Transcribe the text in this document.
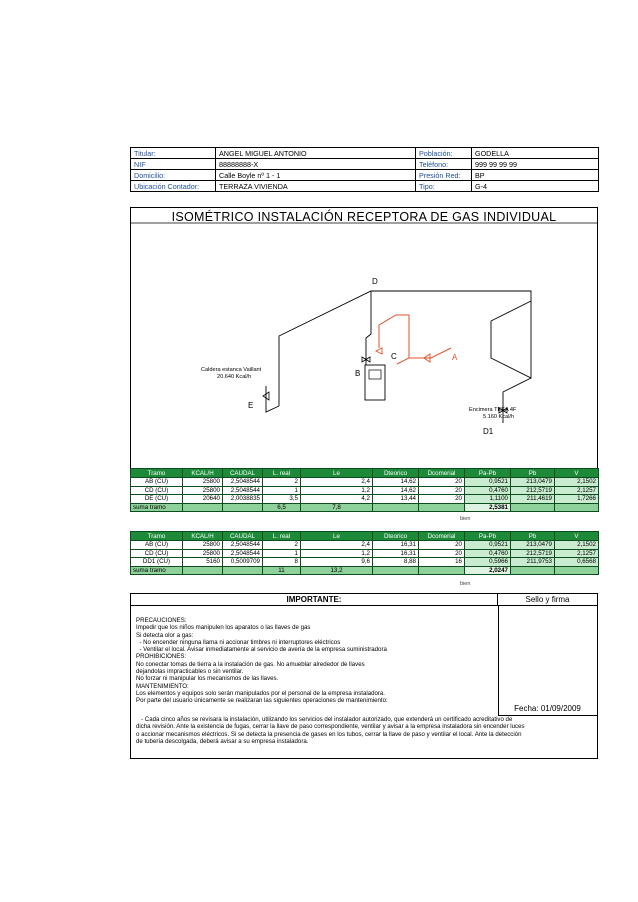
Titular:	ANGEL MIGUEL ANTONIO	Población:	GODELLA
NIF	88888888-X	Teléfono:	999 99 99 99
Domicilio:	Calle Boyle nº 1 - 1	Presión Red:	BP
Ubicación Contador:	TERRAZA VIVIENDA	Tipo:	G-4
ISOMÉTRICO INSTALACIÓN RECEPTORA DE GAS INDIVIDUAL
D
C
B
A
E
D1
Caldera estanca Vaillant
20.640 Kcal/h
Encimera TEKA 4F
5.160 Kcal/h
Tramo	KCAL/H	CAUDAL	L. real	Le	Dteorico	Dcomerial	Pa-Pb	Pb	V
AB (CU)	25800	2,5048544	2	2,4	14,62	20	0,9521	213,0479	2,1502
CD (CU)	25800	2,5048544	1	1,2	14,62	20	0,4760	212,5719	2,1257
DE (CU)	20640	2,0038835	3,5	4,2	13,44	20	1,1100	211,4619	1,7266
suma tramo			6,5	7,8			2,5381		
bien
Tramo	KCAL/H	CAUDAL	L. real	Le	Dteorico	Dcomerial	Pa-Pb	Pb	V
AB (CU)	25800	2,5048544	2	2,4	16,31	20	0,9521	213,0479	2,1502
CD (CU)	25800	2,5048544	1	1,2	16,31	20	0,4760	212,5719	2,1257
DD1 (CU)	5160	0,5009709	8	9,6	8,88	16	0,5966	211,9753	0,6568
suma tramo			11	13,2			2,0247		
bien
IMPORTANTE:	Sello y firma
Fecha: 01/09/2009
PRECAUCIONES:
Impedir que los niños manipulen los aparatos o las llaves de gas
Si detecta olor a gas:
- No encender ninguna llama ni accionar timbres ni interruptores eléctricos
- Ventilar el local. Avisar inmediatamente al servicio de avería de la empresa suministradora
PROHIBICIONES:
No conectar tomas de tierra a la instalación de gas. No amueblar alrededor de llaves
dejandolas impracticables o sin ventilar.
No forzar ni manipular los mecanismos de las llaves.
MANTENIMIENTO:
Los elementos y equipos solo serán manipulados por el personal de la empresa instaladora.
Por parte del usuario únicamente se realizaran las siguientes operaciones de mantenimiento:
- Cada cinco años se revisara la instalación, utilizando los servicios del instalador autorizado, que extenderá un certificado acreditativo de
dicha revisión. Ante la existencia de fugas, cerrar la llave de paso correspondiente, ventilar y avisar a la empresa instaladora sin encender luces
o accionar mecanismos eléctricos. Si se detecta la presencia de gases en los tubos, cerrar la llave de paso y ventilar el local. Ante la detección
de tubería descolgada, deberá avisar a su empresa instaladora.
